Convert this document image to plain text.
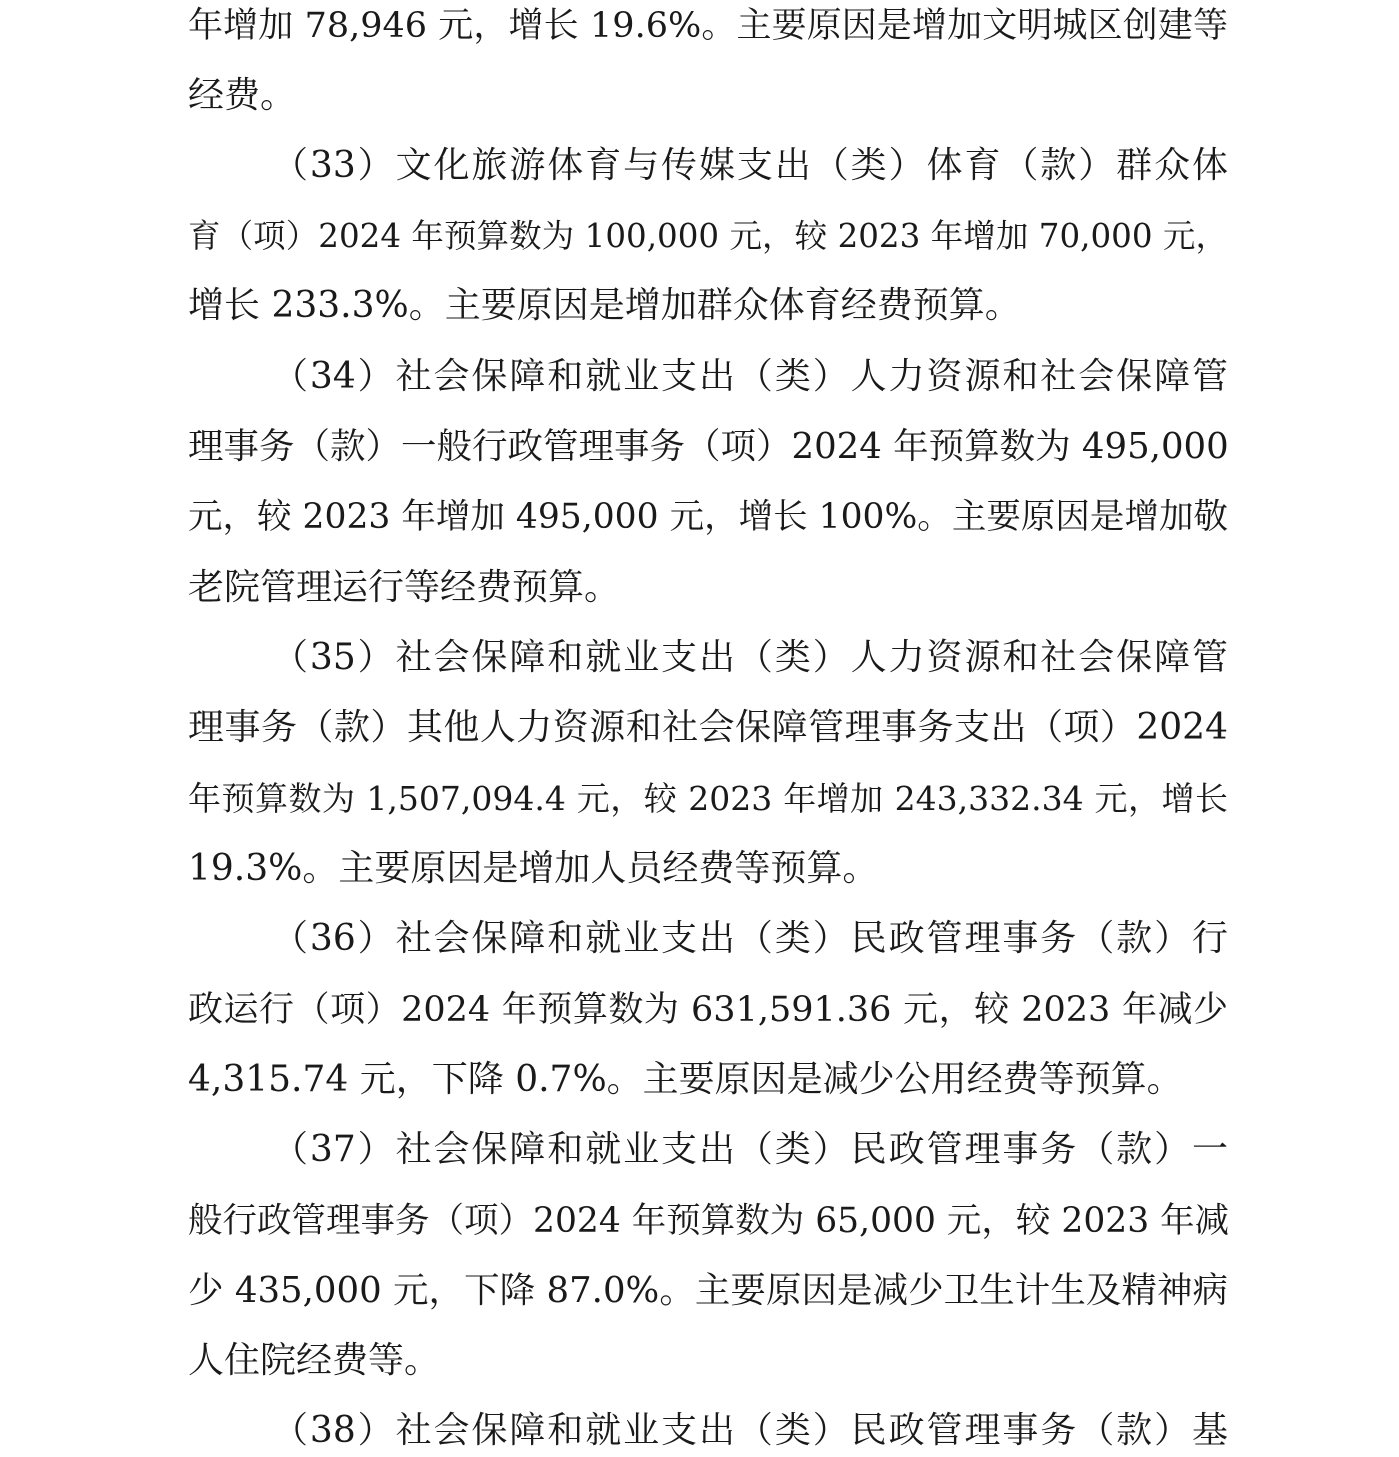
年增加 78,946 元，增长 19.6%。主要原因是增加文明城区创建等

经费。

（33）文化旅游体育与传媒支出（类）体育（款）群众体

育（项）2024 年预算数为 100,000 元，较 2023 年增加 70,000 元，

增长 233.3%。主要原因是增加群众体育经费预算。

（34）社会保障和就业支出（类）人力资源和社会保障管

理事务（款）一般行政管理事务（项）2024 年预算数为 495,000

元，较 2023 年增加 495,000 元，增长 100%。主要原因是增加敬

老院管理运行等经费预算。

（35）社会保障和就业支出（类）人力资源和社会保障管

理事务（款）其他人力资源和社会保障管理事务支出（项）2024

年预算数为 1,507,094.4 元，较 2023 年增加 243,332.34 元，增长

19.3%。主要原因是增加人员经费等预算。

（36）社会保障和就业支出（类）民政管理事务（款）行

政运行（项）2024 年预算数为 631,591.36 元，较 2023 年减少

4,315.74 元，下降 0.7%。主要原因是减少公用经费等预算。

（37）社会保障和就业支出（类）民政管理事务（款）一

般行政管理事务（项）2024 年预算数为 65,000 元，较 2023 年减

少 435,000 元，下降 87.0%。主要原因是减少卫生计生及精神病

人住院经费等。

（38）社会保障和就业支出（类）民政管理事务（款）基
